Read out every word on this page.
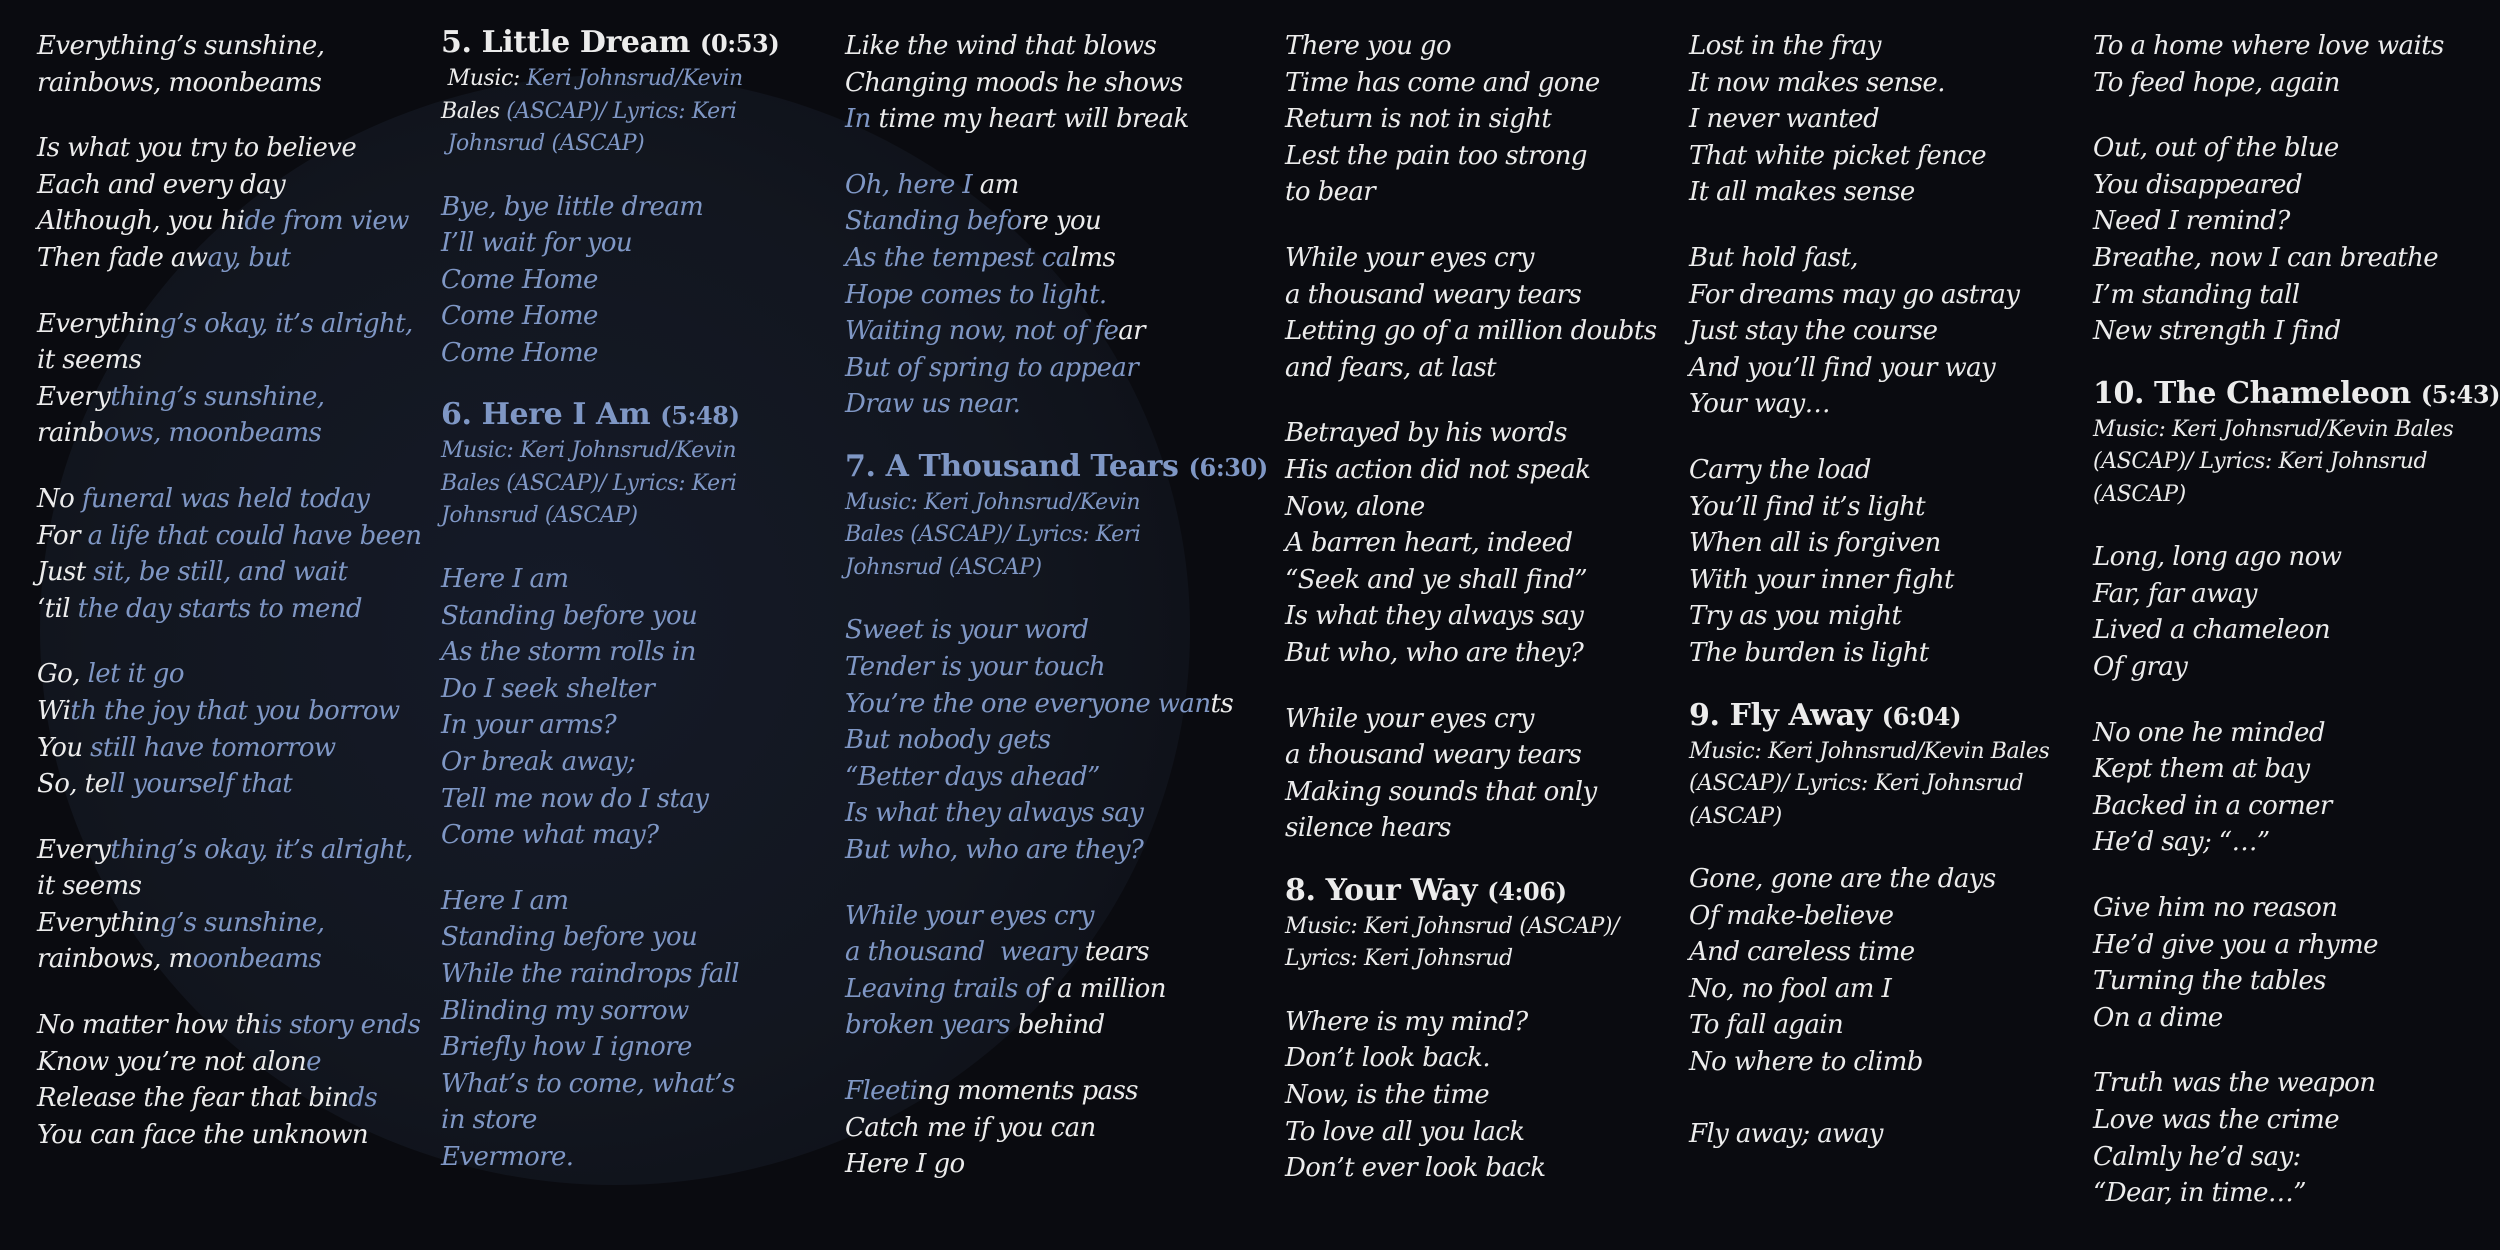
Everything’s sunshine,
rainbows, moonbeams
Is what you try to believe
Each and every day
Although, you hide from view
Then fade away, but
Everything’s okay, it’s alright,
it seems
Everything’s sunshine,
rainbows, moonbeams
No funeral was held today
For a life that could have been
Just sit, be still, and wait
‘til the day starts to mend
Go, let it go
With the joy that you borrow
You still have tomorrow
So, tell yourself that
Everything’s okay, it’s alright,
it seems
Everything’s sunshine,
rainbows, moonbeams
No matter how this story ends
Know you’re not alone
Release the fear that binds
You can face the unknown
5. Little Dream (0:53)
Music: Keri Johnsrud/Kevin
Bales (ASCAP)/ Lyrics: Keri
Johnsrud (ASCAP)
Bye, bye little dream
I’ll wait for you
Come Home
Come Home
Come Home
6. Here I Am (5:48)
Music: Keri Johnsrud/Kevin
Bales (ASCAP)/ Lyrics: Keri
Johnsrud (ASCAP)
Here I am
Standing before you
As the storm rolls in
Do I seek shelter
In your arms?
Or break away;
Tell me now do I stay
Come what may?
Here I am
Standing before you
While the raindrops fall
Blinding my sorrow
Briefly how I ignore
What’s to come, what’s
in store
Evermore.
Like the wind that blows
Changing moods he shows
In time my heart will break
Oh, here I am
Standing before you
As the tempest calms
Hope comes to light.
Waiting now, not of fear
But of spring to appear
Draw us near.
7. A Thousand Tears (6:30)
Music: Keri Johnsrud/Kevin
Bales (ASCAP)/ Lyrics: Keri
Johnsrud (ASCAP)
Sweet is your word
Tender is your touch
You’re the one everyone wants
But nobody gets
“Better days ahead”
Is what they always say
But who, who are they?
While your eyes cry
a thousand  weary tears
Leaving trails of a million
broken years behind
Fleeting moments pass
Catch me if you can
Here I go
There you go
Time has come and gone
Return is not in sight
Lest the pain too strong
to bear
While your eyes cry
a thousand weary tears
Letting go of a million doubts
and fears, at last
Betrayed by his words
His action did not speak
Now, alone
A barren heart, indeed
“Seek and ye shall find”
Is what they always say
But who, who are they?
While your eyes cry
a thousand weary tears
Making sounds that only
silence hears
8. Your Way (4:06)
Music: Keri Johnsrud (ASCAP)/
Lyrics: Keri Johnsrud
Where is my mind?
Don’t look back.
Now, is the time
To love all you lack
Don’t ever look back
Lost in the fray
It now makes sense.
I never wanted
That white picket fence
It all makes sense
But hold fast,
For dreams may go astray
Just stay the course
And you’ll find your way
Your way…
Carry the load
You’ll find it’s light
When all is forgiven
With your inner fight
Try as you might
The burden is light
9. Fly Away (6:04)
Music: Keri Johnsrud/Kevin Bales
(ASCAP)/ Lyrics: Keri Johnsrud
(ASCAP)
Gone, gone are the days
Of make-believe
And careless time
No, no fool am I
To fall again
No where to climb
Fly away; away
To a home where love waits
To feed hope, again
Out, out of the blue
You disappeared
Need I remind?
Breathe, now I can breathe
I’m standing tall
New strength I find
10. The Chameleon (5:43)
Music: Keri Johnsrud/Kevin Bales
(ASCAP)/ Lyrics: Keri Johnsrud
(ASCAP)
Long, long ago now
Far, far away
Lived a chameleon
Of gray
No one he minded
Kept them at bay
Backed in a corner
He’d say; “…”
Give him no reason
He’d give you a rhyme
Turning the tables
On a dime
Truth was the weapon
Love was the crime
Calmly he’d say:
“Dear, in time…”
